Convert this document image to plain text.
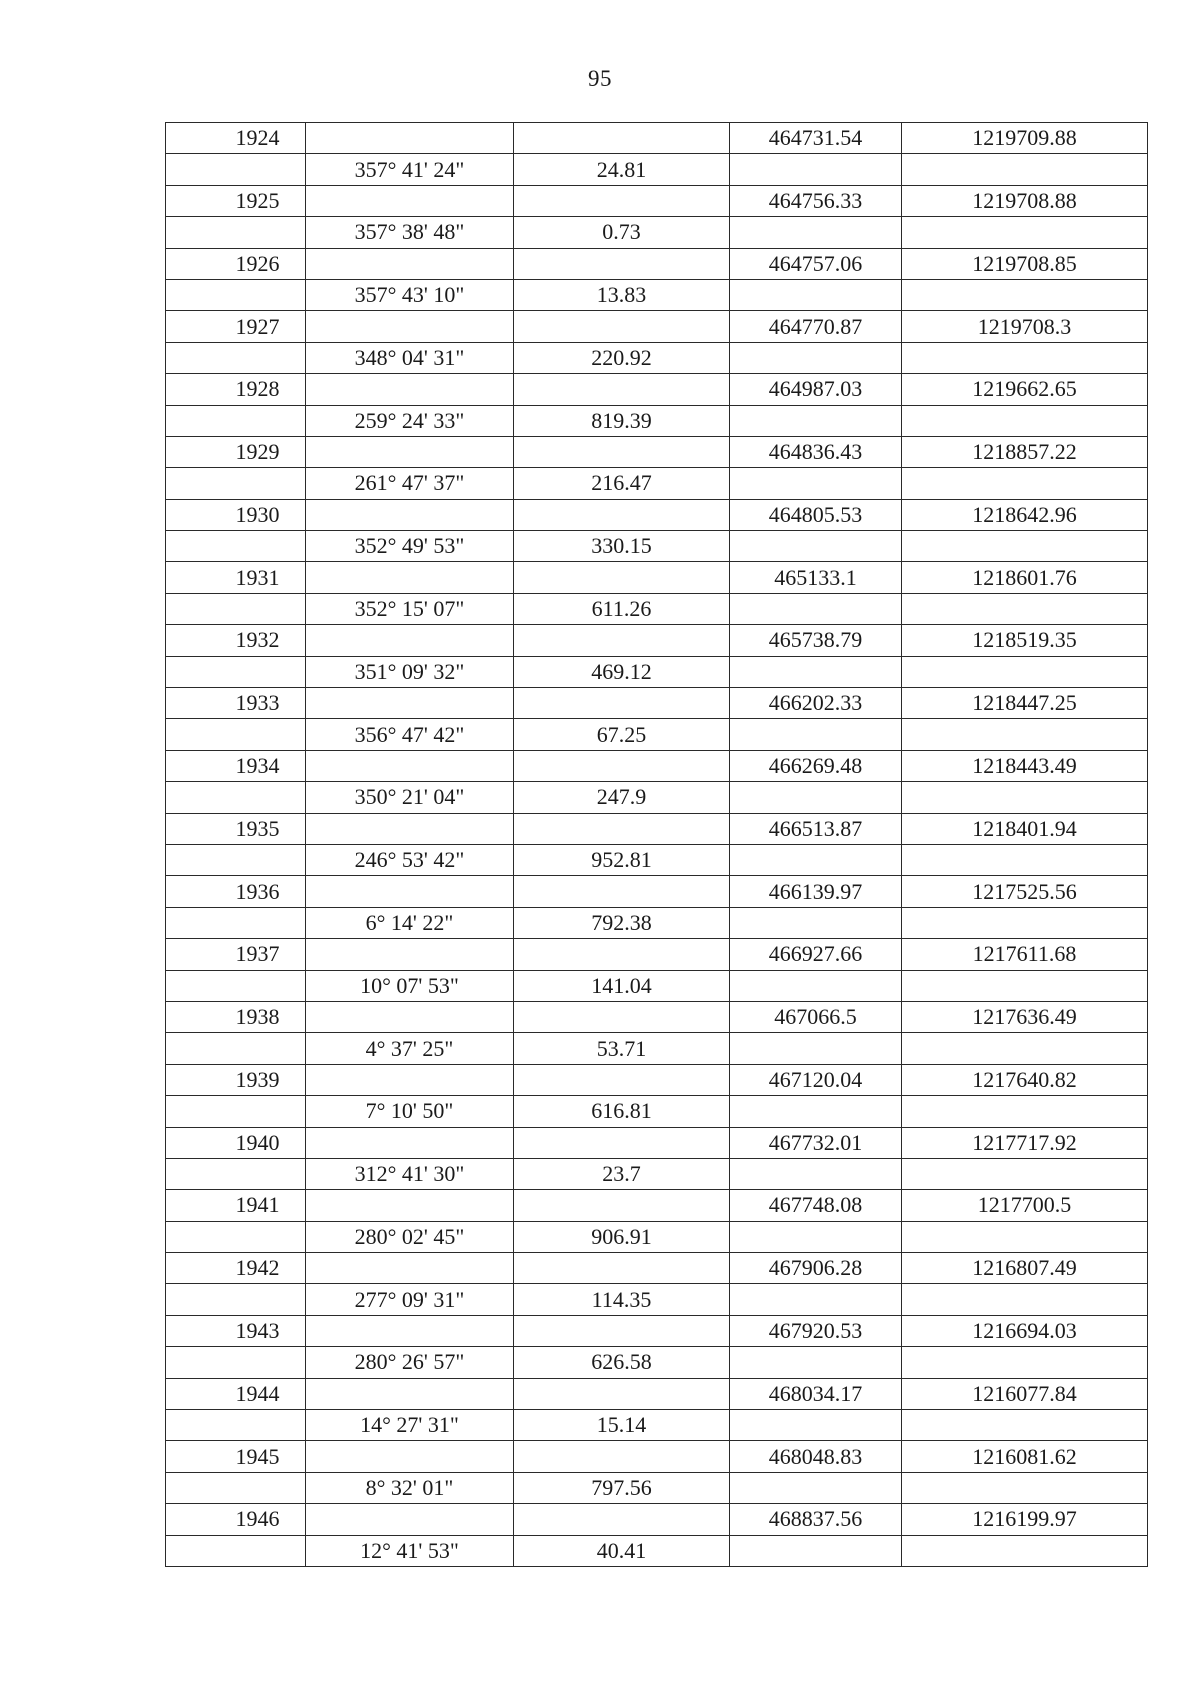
95
1924			464731.54	1219709.88
	357° 41' 24"	24.81		
1925			464756.33	1219708.88
	357° 38' 48"	0.73		
1926			464757.06	1219708.85
	357° 43' 10"	13.83		
1927			464770.87	1219708.3
	348° 04' 31"	220.92		
1928			464987.03	1219662.65
	259° 24' 33"	819.39		
1929			464836.43	1218857.22
	261° 47' 37"	216.47		
1930			464805.53	1218642.96
	352° 49' 53"	330.15		
1931			465133.1	1218601.76
	352° 15' 07"	611.26		
1932			465738.79	1218519.35
	351° 09' 32"	469.12		
1933			466202.33	1218447.25
	356° 47' 42"	67.25		
1934			466269.48	1218443.49
	350° 21' 04"	247.9		
1935			466513.87	1218401.94
	246° 53' 42"	952.81		
1936			466139.97	1217525.56
	6° 14' 22"	792.38		
1937			466927.66	1217611.68
	10° 07' 53"	141.04		
1938			467066.5	1217636.49
	4° 37' 25"	53.71		
1939			467120.04	1217640.82
	7° 10' 50"	616.81		
1940			467732.01	1217717.92
	312° 41' 30"	23.7		
1941			467748.08	1217700.5
	280° 02' 45"	906.91		
1942			467906.28	1216807.49
	277° 09' 31"	114.35		
1943			467920.53	1216694.03
	280° 26' 57"	626.58		
1944			468034.17	1216077.84
	14° 27' 31"	15.14		
1945			468048.83	1216081.62
	8° 32' 01"	797.56		
1946			468837.56	1216199.97
	12° 41' 53"	40.41		
